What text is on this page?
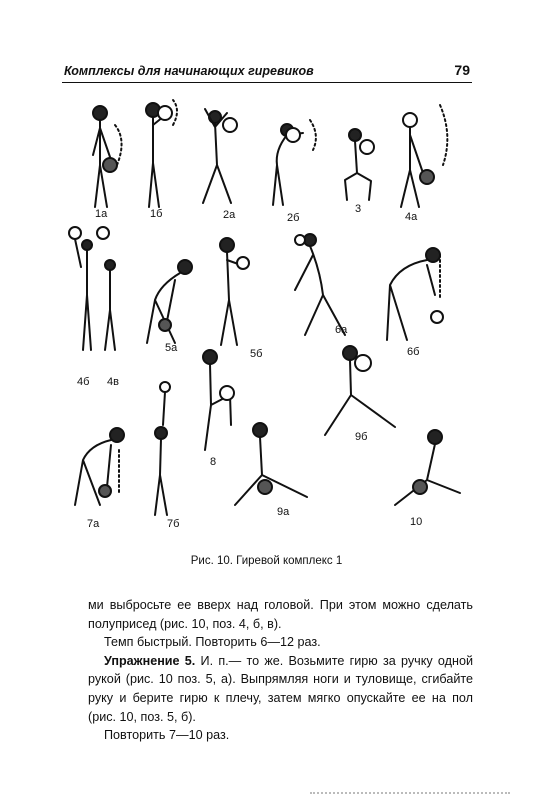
Комплексы для начинающих гиревиков	79
1а	1б	2а	2б
3
4а
4б 4в
5а	5б
6а
6б
7а	7б
8
9а
9б
10
Рис. 10. Гиревой комплекс 1

ми выбросьте ее вверх над головой. При этом можно сделать полуприсед (рис. 10, поз. 4, б, в).

Темп быстрый. Повторить 6—12 раз.

Упражнение 5. И. п.— то же. Возьмите гирю за ручку одной рукой (рис. 10 поз. 5, а). Выпрямляя ноги и туловище, сгибайте руку и берите гирю к плечу, затем мягко опускайте ее на пол (рис. 10, поз. 5, б).

Повторить 7—10 раз.
